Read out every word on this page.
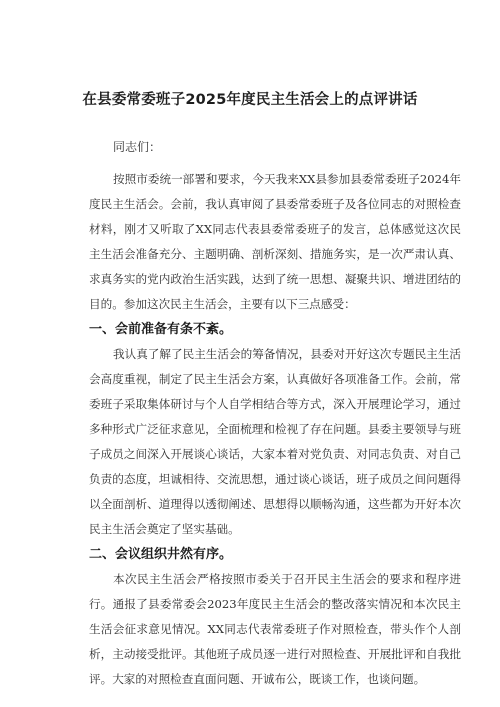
在县委常委班子2025年度民主生活会上的点评讲话
同志们：

按照市委统一部署和要求，今天我来XX县参加县委常委班子2024年度民主生活会。会前，我认真审阅了县委常委班子及各位同志的对照检查材料，刚才又听取了XX同志代表县委常委班子的发言，总体感觉这次民主生活会准备充分、主题明确、剖析深刻、措施务实，是一次严肃认真、求真务实的党内政治生活实践，达到了统一思想、凝聚共识、增进团结的目的。参加这次民主生活会，主要有以下三点感受：

一、会前准备有条不紊。

我认真了解了民主生活会的筹备情况，县委对开好这次专题民主生活会高度重视，制定了民主生活会方案，认真做好各项准备工作。会前，常委班子采取集体研讨与个人自学相结合等方式，深入开展理论学习，通过多种形式广泛征求意见，全面梳理和检视了存在问题。县委主要领导与班子成员之间深入开展谈心谈话，大家本着对党负责、对同志负责、对自己负责的态度，坦诚相待、交流思想，通过谈心谈话，班子成员之间问题得以全面剖析、道理得以透彻阐述、思想得以顺畅沟通，这些都为开好本次民主生活会奠定了坚实基础。

二、会议组织井然有序。

本次民主生活会严格按照市委关于召开民主生活会的要求和程序进行。通报了县委常委会2023年度民主生活会的整改落实情况和本次民主生活会征求意见情况。XX同志代表常委班子作对照检查，带头作个人剖析，主动接受批评。其他班子成员逐一进行对照检查、开展批评和自我批评。大家的对照检查直面问题、开诚布公，既谈工作，也谈问题。
